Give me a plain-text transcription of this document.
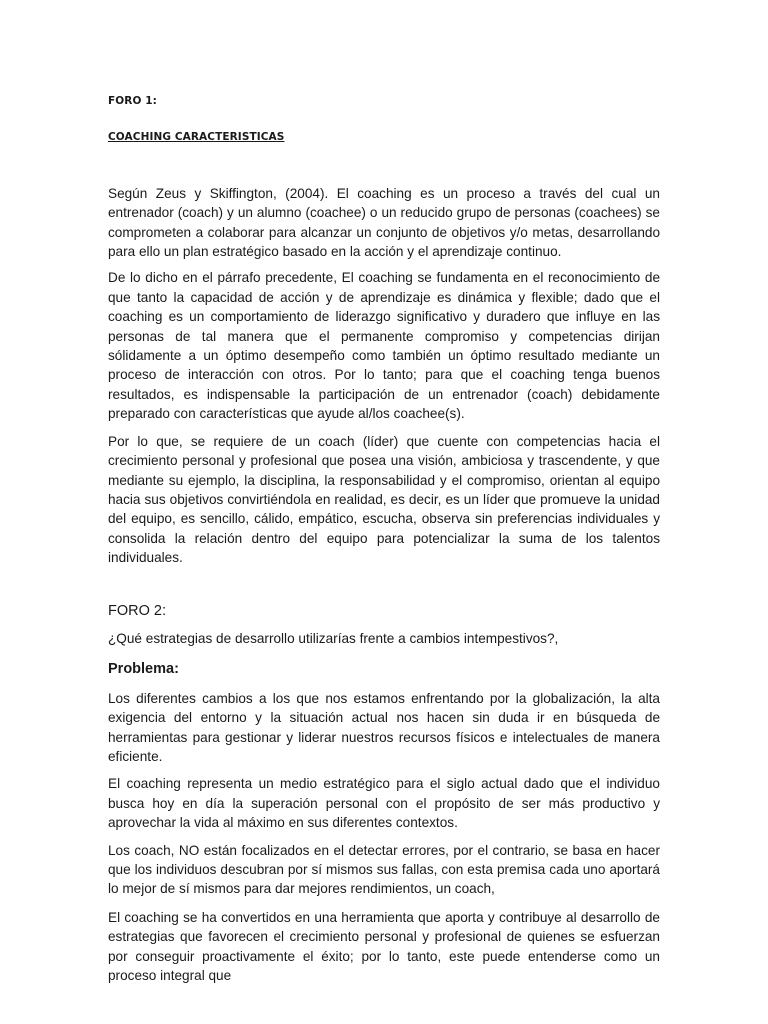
FORO 1:

COACHING CARACTERISTICAS

Según Zeus y Skiffington, (2004). El coaching es un proceso a través del cual un entrenador (coach) y un alumno (coachee) o un reducido grupo de personas (coachees) se comprometen a colaborar para alcanzar un conjunto de objetivos y/o metas, desarrollando para ello un plan estratégico basado en la acción y el aprendizaje continuo.

De lo dicho en el párrafo precedente, El coaching se fundamenta en el reconocimiento de que tanto la capacidad de acción y de aprendizaje es dinámica y flexible; dado que el coaching es un comportamiento de liderazgo significativo y duradero que influye en las personas de tal manera que el permanente compromiso y competencias dirijan sólidamente a un óptimo desempeño como también un óptimo resultado mediante un proceso de interacción con otros. Por lo tanto; para que el coaching tenga buenos resultados, es indispensable la participación de un entrenador (coach) debidamente preparado con características que ayude al/los coachee(s).

Por lo que, se requiere de un coach (líder) que cuente con competencias hacia el crecimiento personal y profesional que posea una visión, ambiciosa y trascendente, y que mediante su ejemplo, la disciplina, la responsabilidad y el compromiso, orientan al equipo hacia sus objetivos convirtiéndola en realidad, es decir, es un líder que promueve la unidad del equipo, es sencillo, cálido, empático, escucha, observa sin preferencias individuales y consolida la relación dentro del equipo para potencializar la suma de los talentos individuales.

FORO 2:

¿Qué estrategias de desarrollo utilizarías frente a cambios intempestivos?,

Problema:

Los diferentes cambios a los que nos estamos enfrentando por la globalización, la alta exigencia del entorno y la situación actual nos hacen sin duda ir en búsqueda de herramientas para gestionar y liderar nuestros recursos físicos e intelectuales de manera eficiente.

El coaching representa un medio estratégico para el siglo actual dado que el individuo busca hoy en día la superación personal con el propósito de ser más productivo y aprovechar la vida al máximo en sus diferentes contextos.

Los coach, NO están focalizados en el detectar errores, por el contrario, se basa en hacer que los individuos descubran por sí mismos sus fallas, con esta premisa cada uno aportará lo mejor de sí mismos para dar mejores rendimientos, un coach,

El coaching se ha convertidos en una herramienta que aporta y contribuye al desarrollo de estrategias que favorecen el crecimiento personal y profesional de quienes se esfuerzan por conseguir proactivamente el éxito; por lo tanto, este puede entenderse como un proceso integral que
